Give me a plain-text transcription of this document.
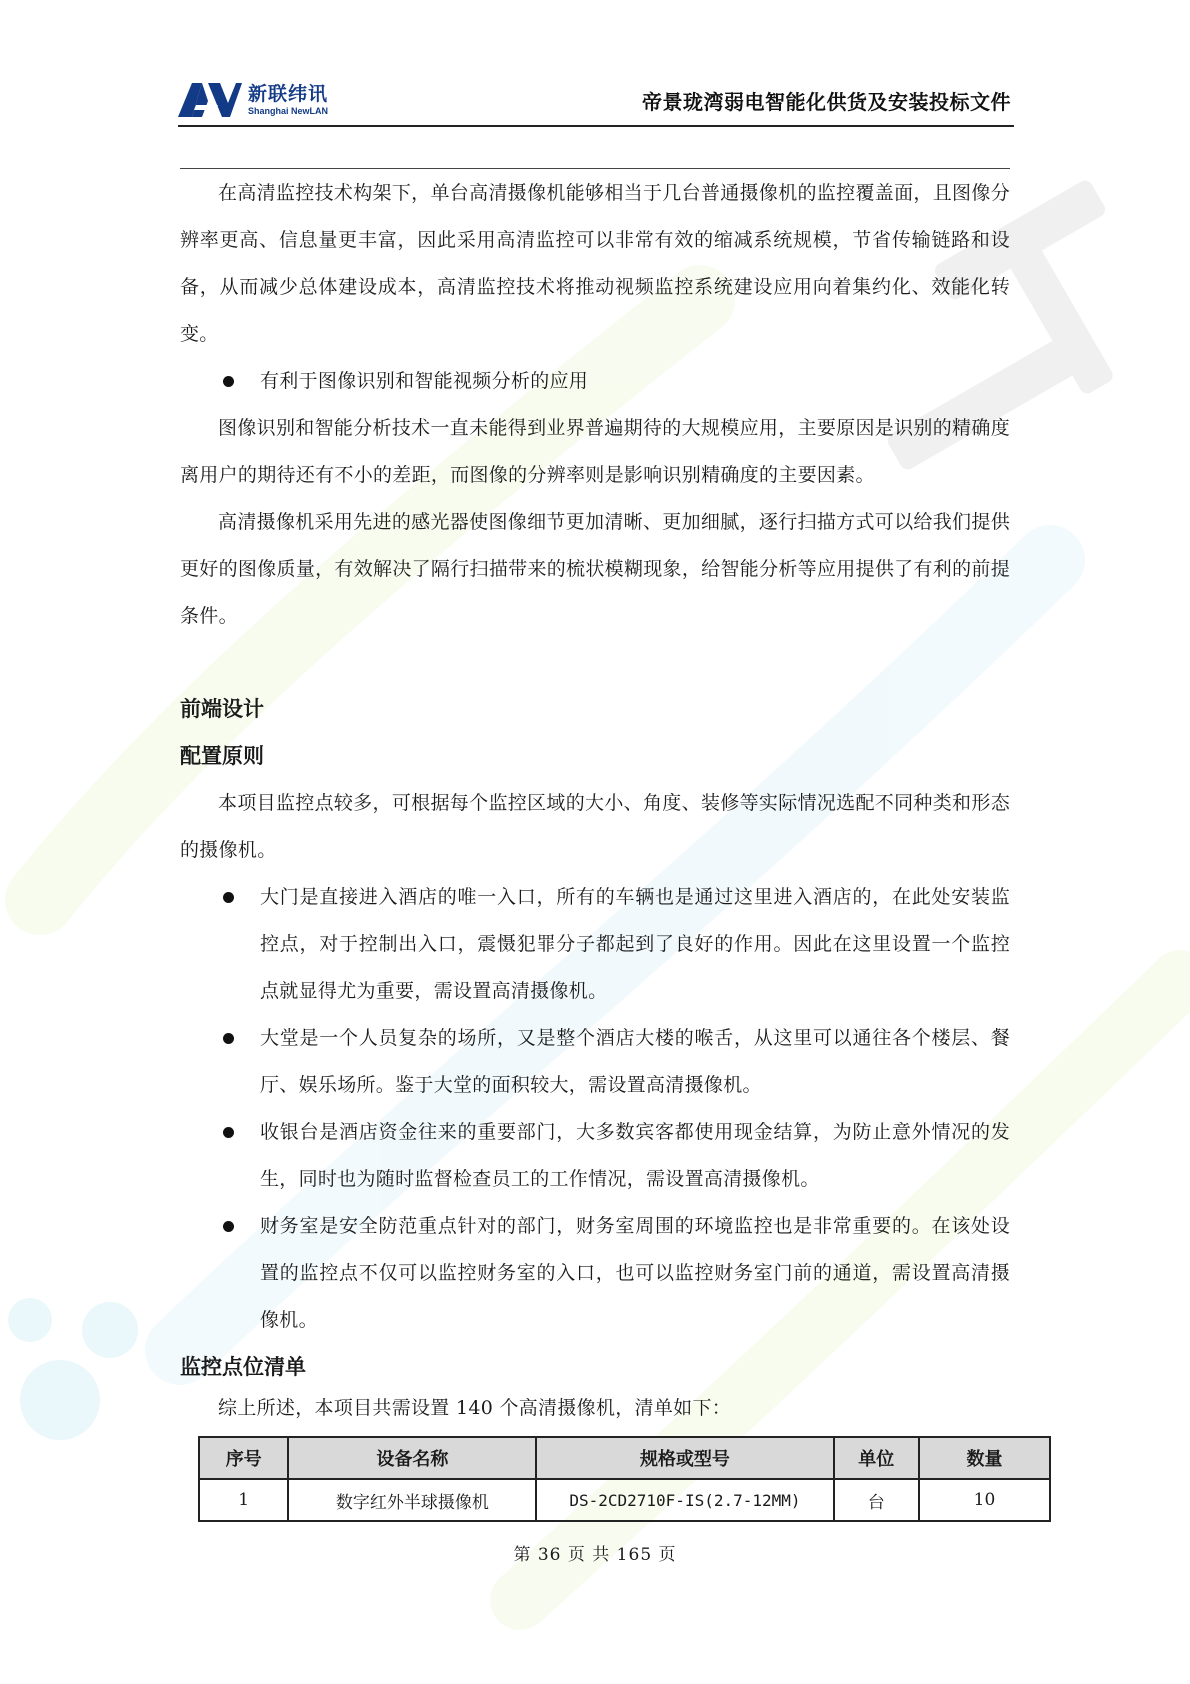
新联纬讯
Shanghai NewLAN	帝景珑湾弱电智能化供货及安装投标文件

在高清监控技术构架下，单台高清摄像机能够相当于几台普通摄像机的监控覆盖面，且图像分辨率更高、信息量更丰富，因此采用高清监控可以非常有效的缩减系统规模，节省传输链路和设备，从而减少总体建设成本，高清监控技术将推动视频监控系统建设应用向着集约化、效能化转变。

有利于图像识别和智能视频分析的应用

图像识别和智能分析技术一直未能得到业界普遍期待的大规模应用，主要原因是识别的精确度离用户的期待还有不小的差距，而图像的分辨率则是影响识别精确度的主要因素。

高清摄像机采用先进的感光器使图像细节更加清晰、更加细腻，逐行扫描方式可以给我们提供更好的图像质量，有效解决了隔行扫描带来的梳状模糊现象，给智能分析等应用提供了有利的前提条件。

前端设计

配置原则

本项目监控点较多，可根据每个监控区域的大小、角度、装修等实际情况选配不同种类和形态的摄像机。

大门是直接进入酒店的唯一入口，所有的车辆也是通过这里进入酒店的，在此处安装监控点，对于控制出入口，震慑犯罪分子都起到了良好的作用。因此在这里设置一个监控点就显得尤为重要，需设置高清摄像机。

大堂是一个人员复杂的场所，又是整个酒店大楼的喉舌，从这里可以通往各个楼层、餐厅、娱乐场所。鉴于大堂的面积较大，需设置高清摄像机。

收银台是酒店资金往来的重要部门，大多数宾客都使用现金结算，为防止意外情况的发生，同时也为随时监督检查员工的工作情况，需设置高清摄像机。

财务室是安全防范重点针对的部门，财务室周围的环境监控也是非常重要的。在该处设置的监控点不仅可以监控财务室的入口，也可以监控财务室门前的通道，需设置高清摄像机。

监控点位清单

综上所述，本项目共需设置 140 个高清摄像机，清单如下：

序号	设备名称	规格或型号	单位	数量
1	数字红外半球摄像机	DS-2CD2710F-IS(2.7-12MM)	台	10
第 36 页 共 165 页
